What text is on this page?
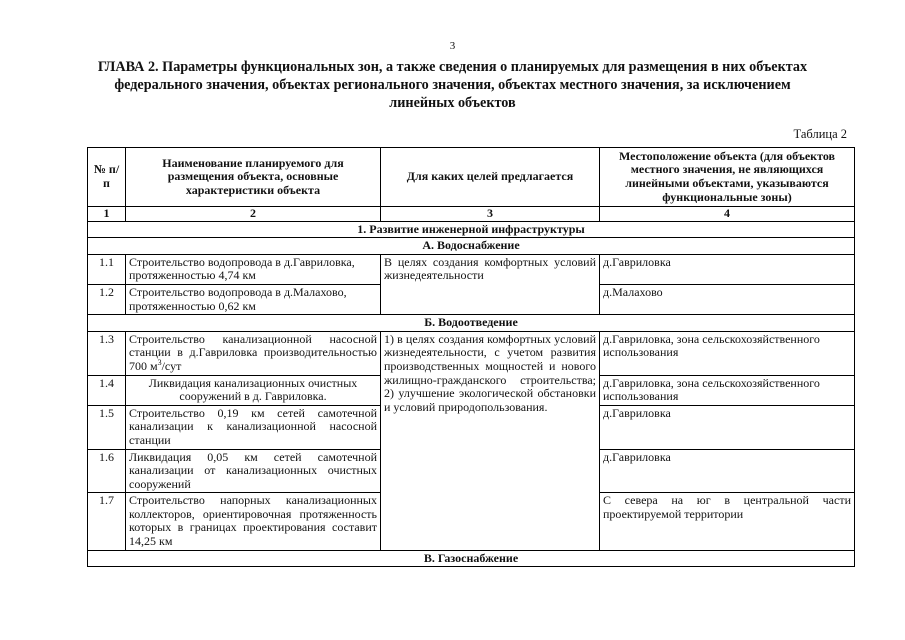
3
ГЛАВА 2. Параметры функциональных зон, а также сведения о планируемых для размещения в них объектах федерального значения, объектах регионального значения, объектах местного значения, за исключением линейных объектов
Таблица 2
№ п/п	Наименование планируемого для размещения объекта, основные характеристики объекта	Для каких целей предлагается	Местоположение объекта (для объектов местного значения, не являющихся линейными объектами, указываются функциональные зоны)
1	2	3	4
1. Развитие инженерной инфраструктуры			
А. Водоснабжение			
1.1	Строительство водопровода в д.Гавриловка, протяженностью 4,74 км	В целях создания комфортных условий жизнедеятельности	д.Гавриловка
1.2	Строительство водопровода в д.Малахово, протяженностью 0,62 км		д.Малахово
Б. Водоотведение			
1.3	Строительство канализационной насосной станции в д.Гавриловка производительностью 700 $м^3$/сут	1) в целях создания комфортных условий жизнедеятельности, с учетом развития производственных мощностей и нового жилищно-гражданского строительства; 2) улучшение экологической обстановки и условий природопользования.	д.Гавриловка, зона сельскохозяйственного использования
1.4	Ликвидация канализационных очистных сооружений в д. Гавриловка.		д.Гавриловка, зона сельскохозяйственного использования
1.5	Строительство 0,19 км сетей самотечной канализации к канализационной насосной станции		д.Гавриловка
1.6	Ликвидация 0,05 км сетей самотечной канализации от канализационных очистных сооружений		д.Гавриловка
1.7	Строительство напорных канализационных коллекторов, ориентировочная протяженность которых в границах проектирования составит 14,25 км		С севера на юг в центральной части проектируемой территории
В. Газоснабжение			
